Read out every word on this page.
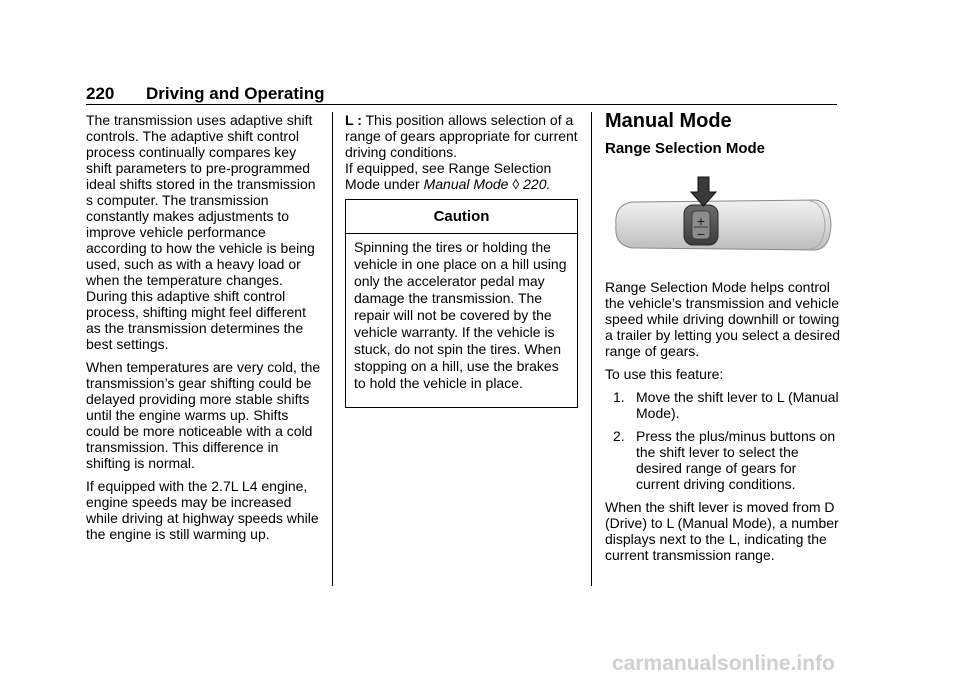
220 Driving and Operating

The transmission uses adaptive shift controls. The adaptive shift control process continually compares key shift parameters to pre-programmed ideal shifts stored in the transmission s computer. The transmission constantly makes adjustments to improve vehicle performance according to how the vehicle is being used, such as with a heavy load or when the temperature changes. During this adaptive shift control process, shifting might feel different as the transmission determines the best settings.

When temperatures are very cold, the transmission’s gear shifting could be delayed providing more stable shifts until the engine warms up. Shifts could be more noticeable with a cold transmission. This difference in shifting is normal.

If equipped with the 2.7L L4 engine, engine speeds may be increased while driving at highway speeds while the engine is still warming up.

L : This position allows selection of a range of gears appropriate for current driving conditions.

If equipped, see Range Selection Mode under Manual Mode ◊ 220.

Caution
Spinning the tires or holding the vehicle in one place on a hill using only the accelerator pedal may damage the transmission. The repair will not be covered by the vehicle warranty. If the vehicle is stuck, do not spin the tires. When stopping on a hill, use the brakes to hold the vehicle in place.
Manual Mode
Range Selection Mode
+
−

Range Selection Mode helps control the vehicle’s transmission and vehicle speed while driving downhill or towing a trailer by letting you select a desired range of gears.

To use this feature:

1. Move the shift lever to L (Manual Mode).
2. Press the plus/minus buttons on the shift lever to select the desired range of gears for current driving conditions.

When the shift lever is moved from D (Drive) to L (Manual Mode), a number displays next to the L, indicating the current transmission range.

carmanualsonline.info
